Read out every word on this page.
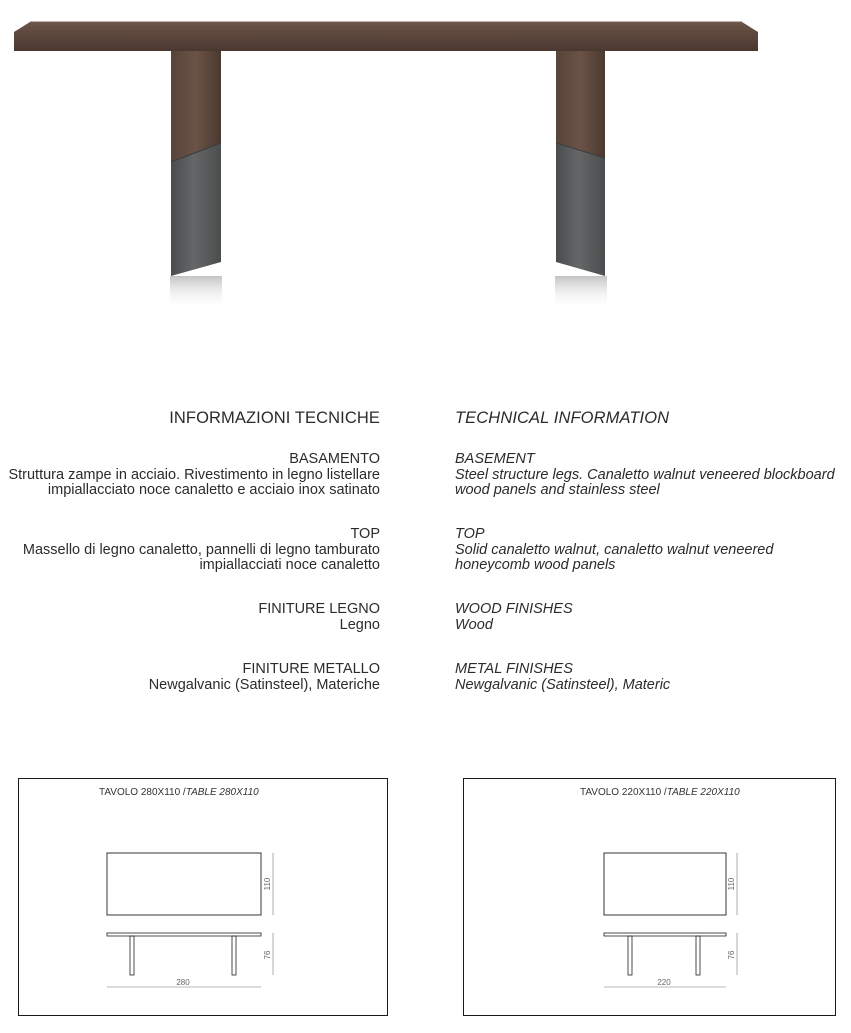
INFORMAZIONI TECNICHE	TECHNICAL INFORMATION
BASAMENTO
Struttura zampe in acciaio. Rivestimento in legno listellare
impiallacciato noce canaletto e acciaio inox satinato
BASEMENT
Steel structure legs. Canaletto walnut veneered blockboard
wood panels and stainless steel
TOP
Massello di legno canaletto, pannelli di legno tamburato
impiallacciati noce canaletto
TOP
Solid canaletto walnut, canaletto walnut veneered
honeycomb wood panels
FINITURE LEGNO
Legno
WOOD FINISHES
Wood
FINITURE METALLO
Newgalvanic (Satinsteel), Materiche
METAL FINISHES
Newgalvanic (Satinsteel), Materic
TAVOLO 280X110 /TABLE 280X110
110
76
280
TAVOLO 220X110 /TABLE 220X110
110
76
220
